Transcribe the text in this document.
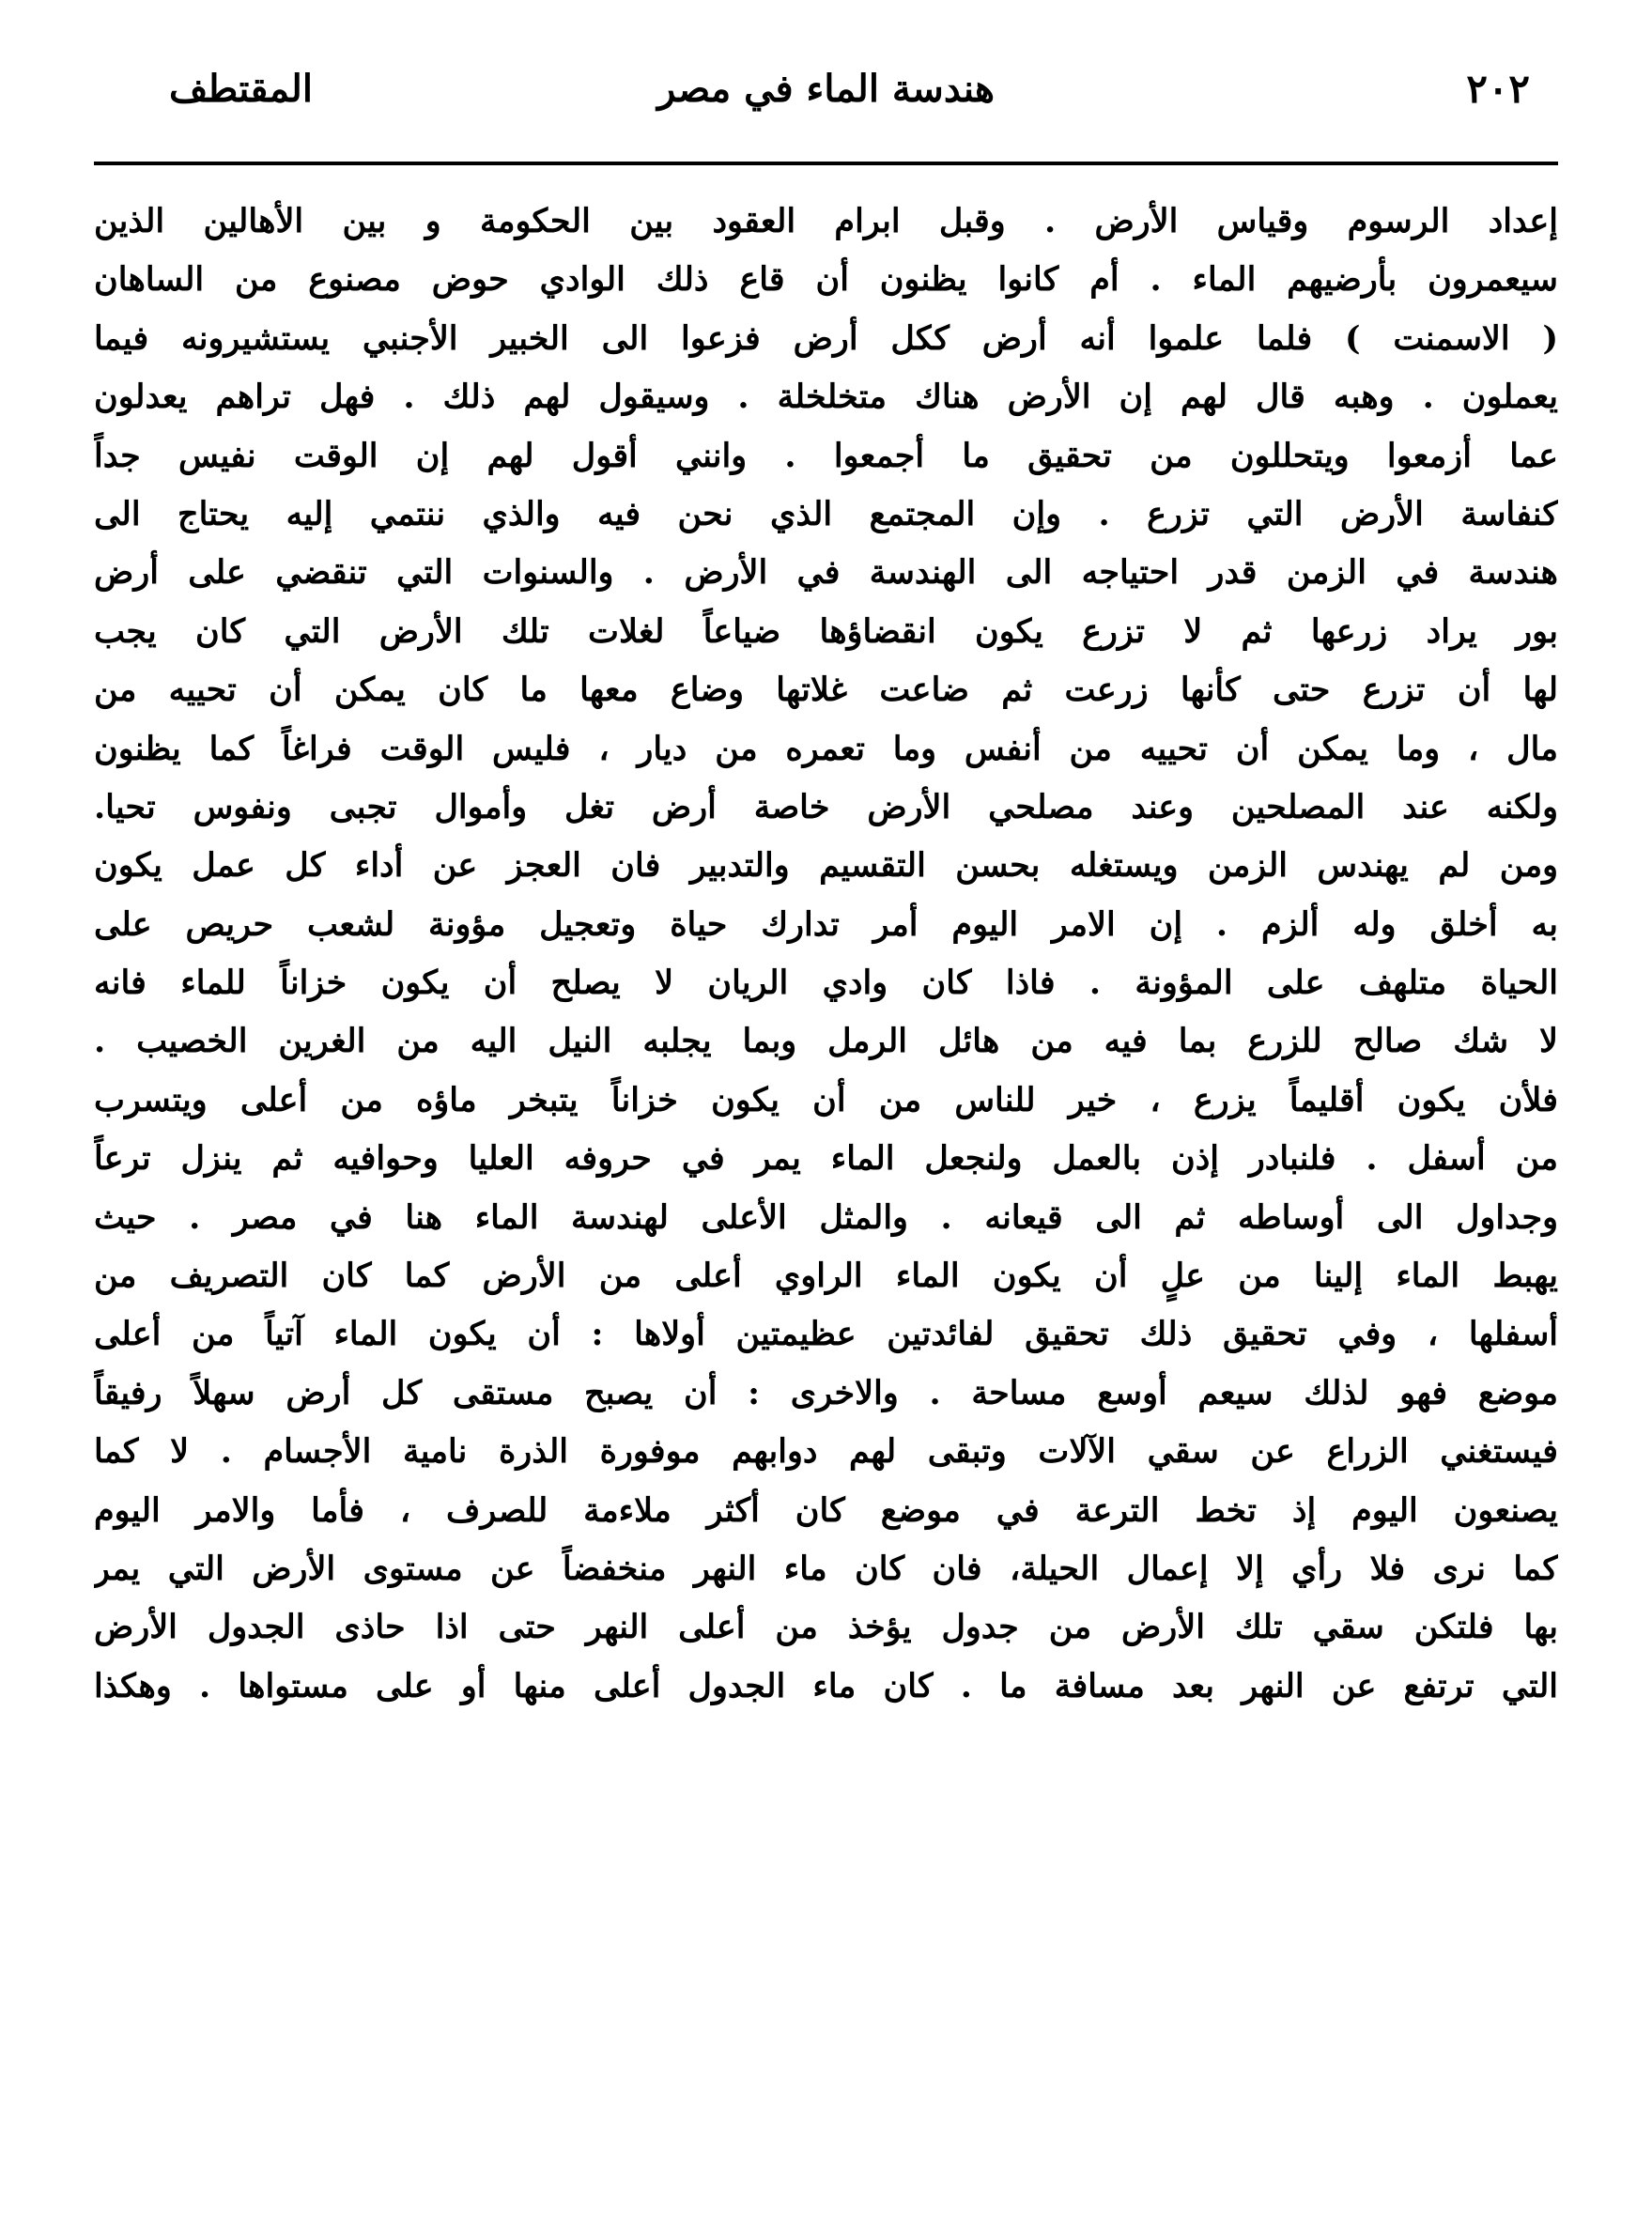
٢٠٢
هندسة الماء في مصر
المقتطف
إعداد الرسوم وقياس الأرض . وقبل ابرام العقود بين الحكومة و بين الأهالين الذين
سيعمرون بأرضيهم الماء . أم كانوا يظنون أن قاع ذلك الوادي حوض مصنوع من الساهان
( الاسمنت ) فلما علموا أنه أرض ككل أرض فزعوا الى الخبير الأجنبي يستشيرونه فيما
يعملون . وهبه قال لهم إن الأرض هناك متخلخلة . وسيقول لهم ذلك . فهل تراهم يعدلون
عما أزمعوا ويتحللون من تحقيق ما أجمعوا . وانني أقول لهم إن الوقت نفيس جداً
كنفاسة الأرض التي تزرع . وإن المجتمع الذي نحن فيه والذي ننتمي إليه يحتاج الى
هندسة في الزمن قدر احتياجه الى الهندسة في الأرض . والسنوات التي تنقضي على أرض
بور يراد زرعها ثم لا تزرع يكون انقضاؤها ضياعاً لغلات تلك الأرض التي كان يجب
لها أن تزرع حتى كأنها زرعت ثم ضاعت غلاتها وضاع معها ما كان يمكن أن تحييه من
مال ، وما يمكن أن تحييه من أنفس وما تعمره من ديار ، فليس الوقت فراغاً كما يظنون
ولكنه عند المصلحين وعند مصلحي الأرض خاصة أرض تغل وأموال تجبى ونفوس تحيا.
ومن لم يهندس الزمن ويستغله بحسن التقسيم والتدبير فان العجز عن أداء كل عمل يكون
به أخلق وله ألزم . إن الامر اليوم أمر تدارك حياة وتعجيل مؤونة لشعب حريص على
الحياة متلهف على المؤونة . فاذا كان وادي الريان لا يصلح أن يكون خزاناً للماء فانه
لا شك صالح للزرع بما فيه من هائل الرمل وبما يجلبه النيل اليه من الغرين الخصيب .
فلأن يكون أقليماً يزرع ، خير للناس من أن يكون خزاناً يتبخر ماؤه من أعلى ويتسرب
من أسفل . فلنبادر إذن بالعمل ولنجعل الماء يمر في حروفه العليا وحوافيه ثم ينزل ترعاً
وجداول الى أوساطه ثم الى قيعانه . والمثل الأعلى لهندسة الماء هنا في مصر . حيث
يهبط الماء إلينا من علٍ أن يكون الماء الراوي أعلى من الأرض كما كان التصريف من
أسفلها ، وفي تحقيق ذلك تحقيق لفائدتين عظيمتين أولاها : أن يكون الماء آتياً من أعلى
موضع فهو لذلك سيعم أوسع مساحة . والاخرى : أن يصبح مستقى كل أرض سهلاً رفيقاً
فيستغني الزراع عن سقي الآلات وتبقى لهم دوابهم موفورة الذرة نامية الأجسام . لا كما
يصنعون اليوم إذ تخط الترعة في موضع كان أكثر ملاءمة للصرف ، فأما والامر اليوم
كما نرى فلا رأي إلا إعمال الحيلة، فان كان ماء النهر منخفضاً عن مستوى الأرض التي يمر
بها فلتكن سقي تلك الأرض من جدول يؤخذ من أعلى النهر حتى اذا حاذى الجدول الأرض
التي ترتفع عن النهر بعد مسافة ما . كان ماء الجدول أعلى منها أو على مستواها . وهكذا
